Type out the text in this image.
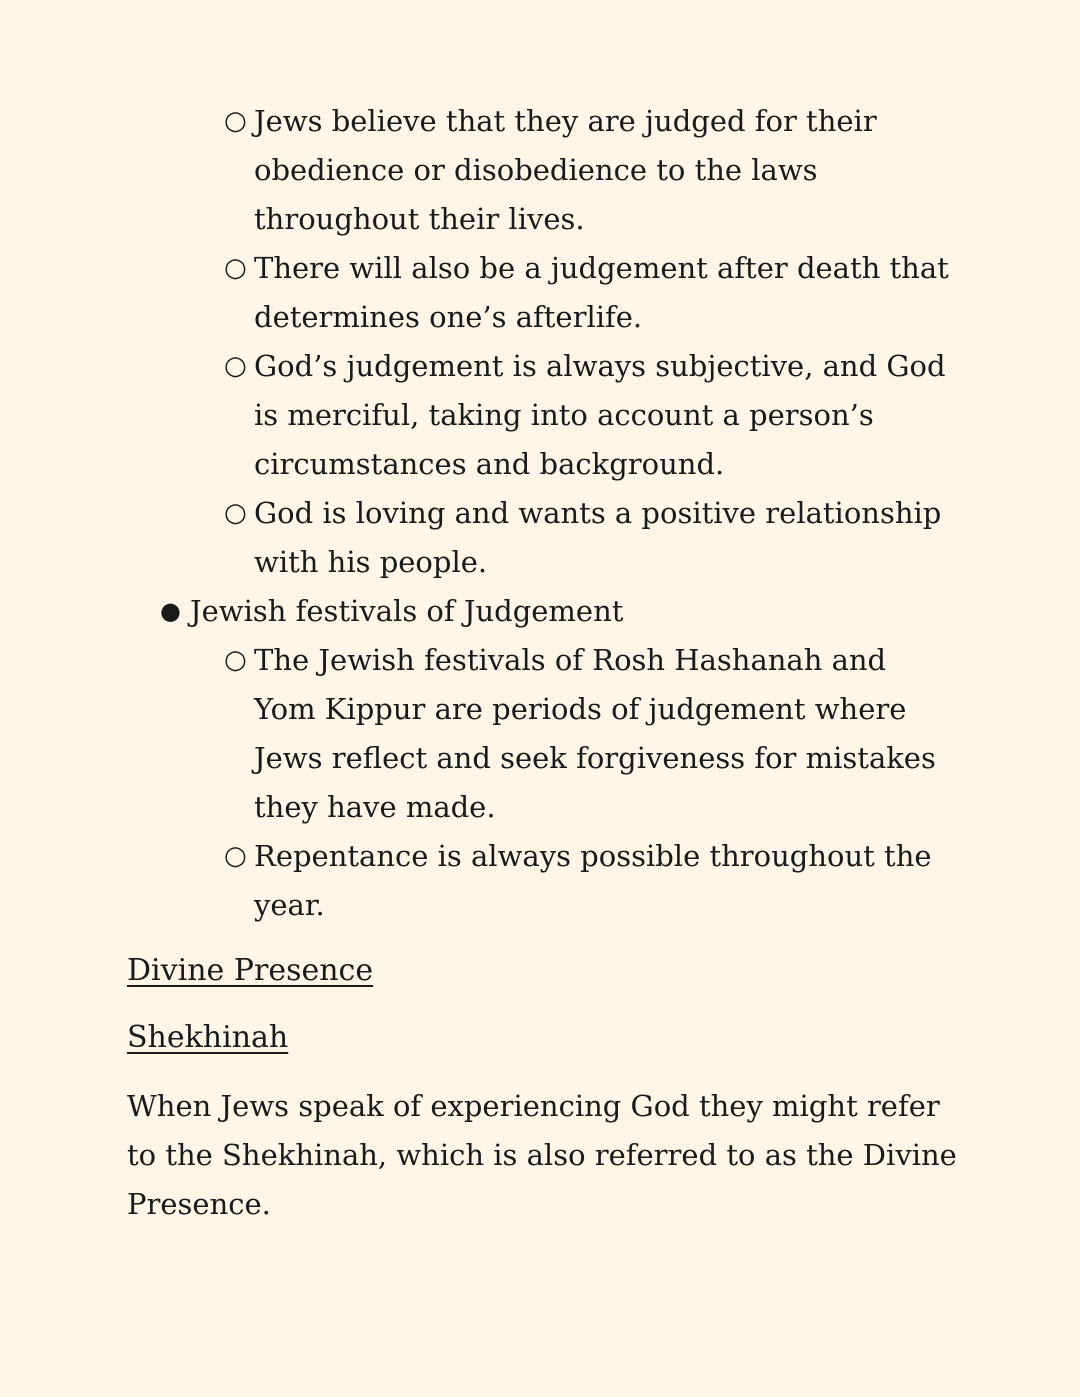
○ Jews believe that they are judged for their obedience or disobedience to the laws throughout their lives.
○ There will also be a judgement after death that determines one’s afterlife.
○ God’s judgement is always subjective, and God is merciful, taking into account a person’s circumstances and background.
○ God is loving and wants a positive relationship with his people.
● Jewish festivals of Judgement
○ The Jewish festivals of Rosh Hashanah and Yom Kippur are periods of judgement where Jews reflect and seek forgiveness for mistakes they have made.
○ Repentance is always possible throughout the year.
Divine Presence
Shekhinah

When Jews speak of experiencing God they might refer to the Shekhinah, which is also referred to as the Divine Presence.
